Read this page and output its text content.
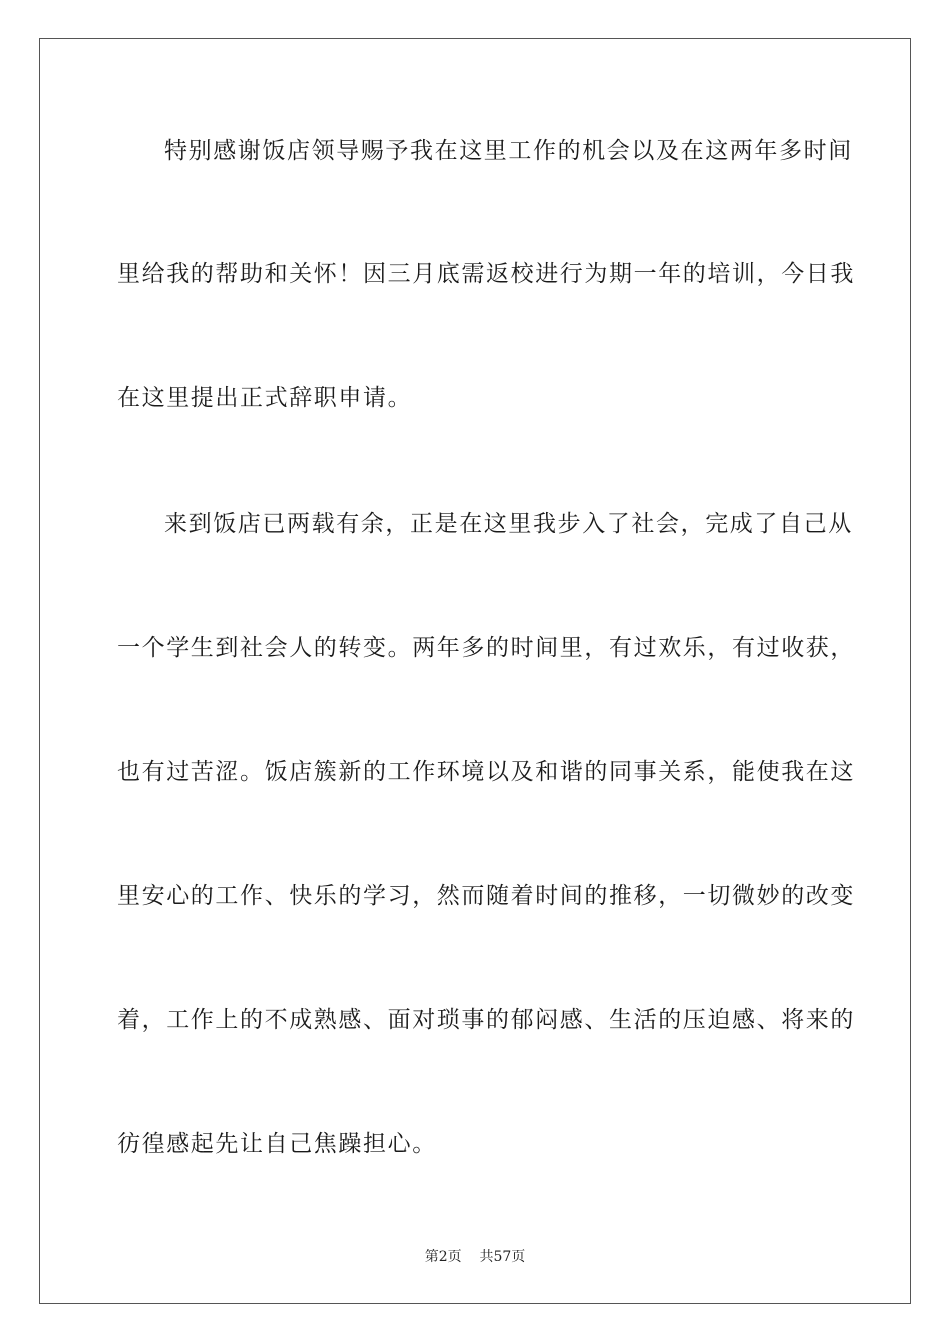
特别感谢饭店领导赐予我在这里工作的机会以及在这两年多时间
里给我的帮助和关怀！因三月底需返校进行为期一年的培训，今日我
在这里提出正式辞职申请。
来到饭店已两载有余，正是在这里我步入了社会，完成了自己从
一个学生到社会人的转变。两年多的时间里，有过欢乐，有过收获，
也有过苦涩。饭店簇新的工作环境以及和谐的同事关系，能使我在这
里安心的工作、快乐的学习，然而随着时间的推移，一切微妙的改变
着，工作上的不成熟感、面对琐事的郁闷感、生活的压迫感、将来的
彷徨感起先让自己焦躁担心。
第2页 共57页
